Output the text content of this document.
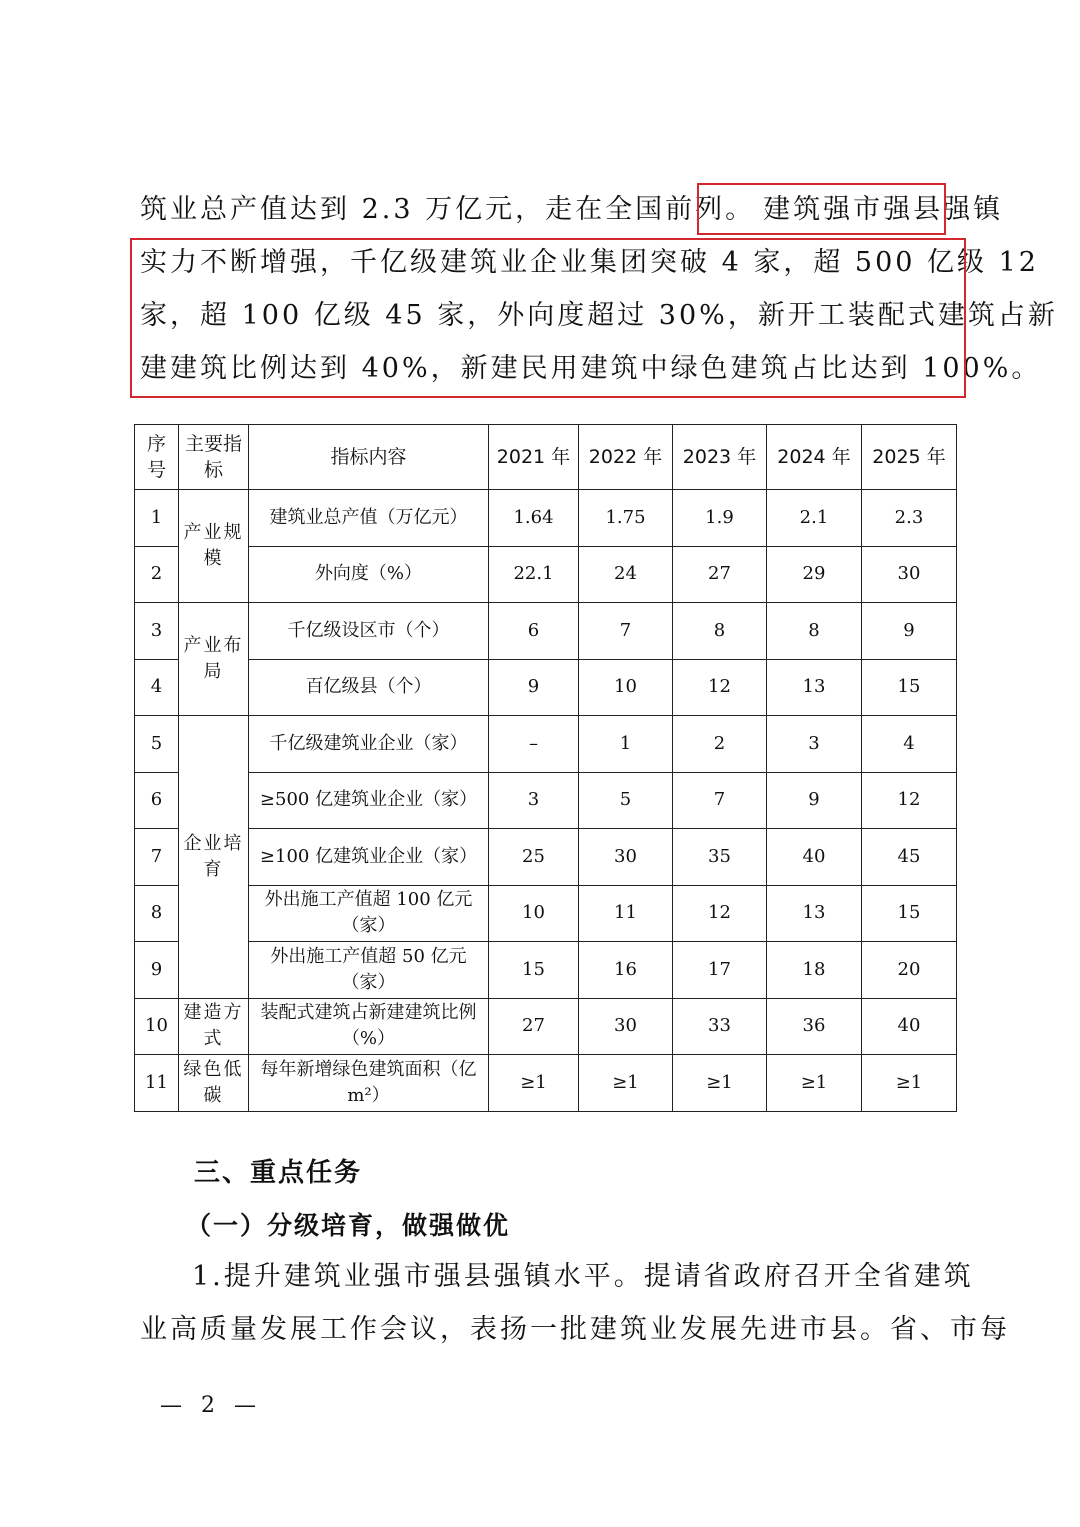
筑业总产值达到 2.3 万亿元，走在全国前列。 建筑强市强县强镇
实力不断增强，千亿级建筑业企业集团突破 4 家，超 500 亿级 12
家，超 100 亿级 45 家，外向度超过 30%，新开工装配式建筑占新
建建筑比例达到 40%，新建民用建筑中绿色建筑占比达到 100%。
序号	主要指标	指标内容	2021 年	2022 年	2023 年	2024 年	2025 年
1	产业规模	建筑业总产值（万亿元）	1.64	1.75	1.9	2.1	2.3
2		外向度（%）	22.1	24	27	29	30
3	产业布局	千亿级设区市（个）	6	7	8	8	9
4		百亿级县（个）	9	10	12	13	15
5	企业培育	千亿级建筑业企业（家）	–	1	2	3	4
6		≥500 亿建筑业企业（家）	3	5	7	9	12
7		≥100 亿建筑业企业（家）	25	30	35	40	45
8		外出施工产值超 100 亿元（家）	10	11	12	13	15
9		外出施工产值超 50 亿元（家）	15	16	17	18	20
10	建造方式	装配式建筑占新建建筑比例（%）	27	30	33	36	40
11	绿色低碳	每年新增绿色建筑面积（亿m²）	≥1	≥1	≥1	≥1	≥1
三、重点任务
（一）分级培育，做强做优
1.提升建筑业强市强县强镇水平。提请省政府召开全省建筑
业高质量发展工作会议，表扬一批建筑业发展先进市县。省、市每
— 2 —
